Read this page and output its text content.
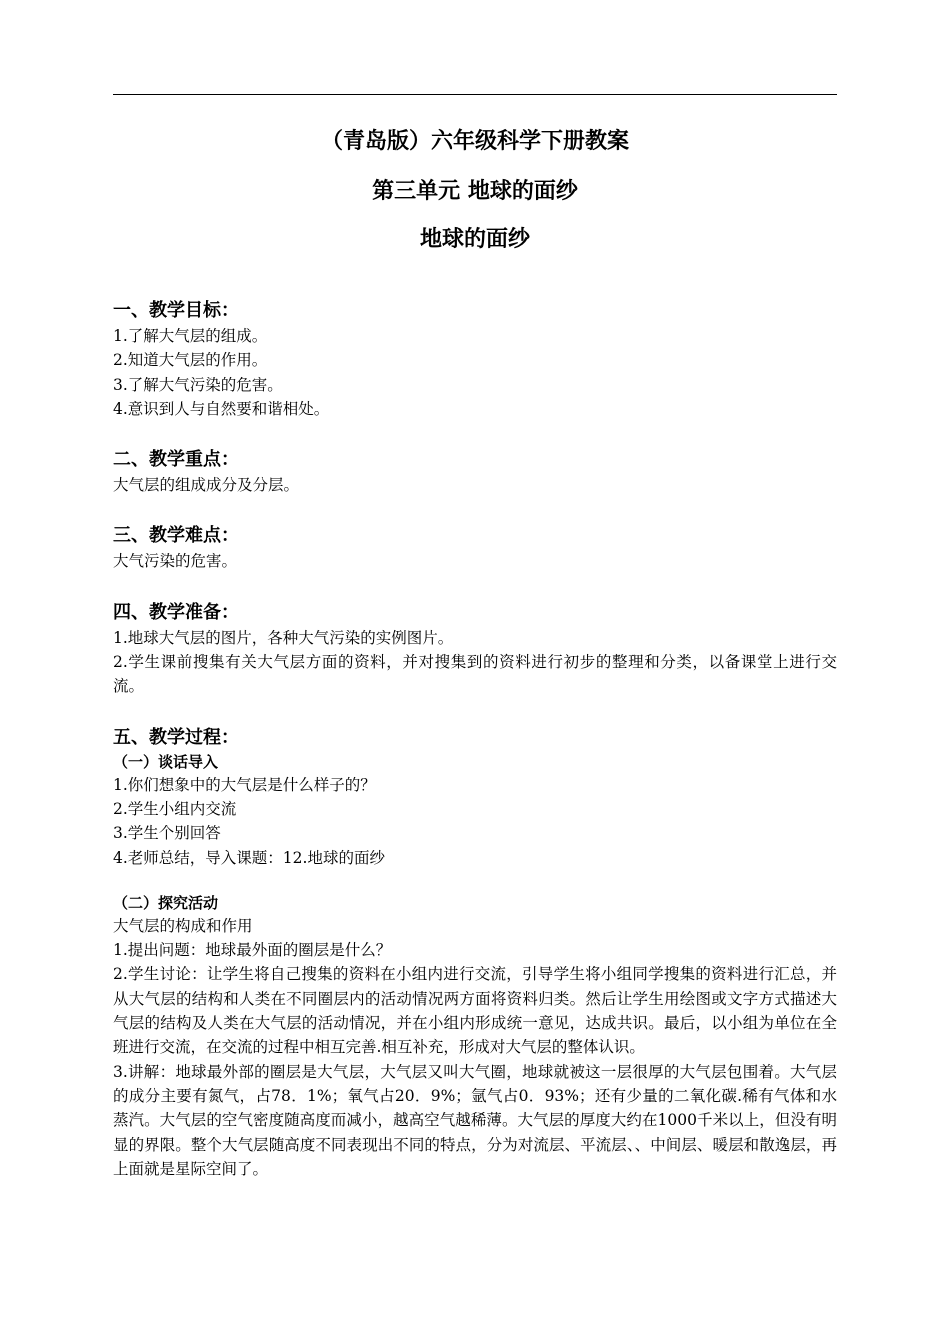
（青岛版）六年级科学下册教案

第三单元 地球的面纱

地球的面纱

一、教学目标：

1.了解大气层的组成。

2.知道大气层的作用。

3.了解大气污染的危害。

4.意识到人与自然要和谐相处。

二、教学重点：

大气层的组成成分及分层。

三、教学难点：

大气污染的危害。

四、教学准备：

1.地球大气层的图片，各种大气污染的实例图片。

2.学生课前搜集有关大气层方面的资料，并对搜集到的资料进行初步的整理和分类，以备课堂上进行交流。

五、教学过程：

（一）谈话导入

1.你们想象中的大气层是什么样子的？

2.学生小组内交流

3.学生个别回答

4.老师总结，导入课题：12.地球的面纱

（二）探究活动

大气层的构成和作用

1.提出问题：地球最外面的圈层是什么？

2.学生讨论：让学生将自己搜集的资料在小组内进行交流，引导学生将小组同学搜集的资料进行汇总，并从大气层的结构和人类在不同圈层内的活动情况两方面将资料归类。然后让学生用绘图或文字方式描述大气层的结构及人类在大气层的活动情况，并在小组内形成统一意见，达成共识。最后，以小组为单位在全班进行交流，在交流的过程中相互完善.相互补充，形成对大气层的整体认识。

3.讲解：地球最外部的圈层是大气层，大气层又叫大气圈，地球就被这一层很厚的大气层包围着。大气层的成分主要有氮气，占78．1%；氧气占20．9%；氩气占0．93%；还有少量的二氧化碳.稀有气体和水蒸汽。大气层的空气密度随高度而减小，越高空气越稀薄。大气层的厚度大约在1000千米以上，但没有明显的界限。整个大气层随高度不同表现出不同的特点，分为对流层、平流层、、中间层、暖层和散逸层，再上面就是星际空间了。
